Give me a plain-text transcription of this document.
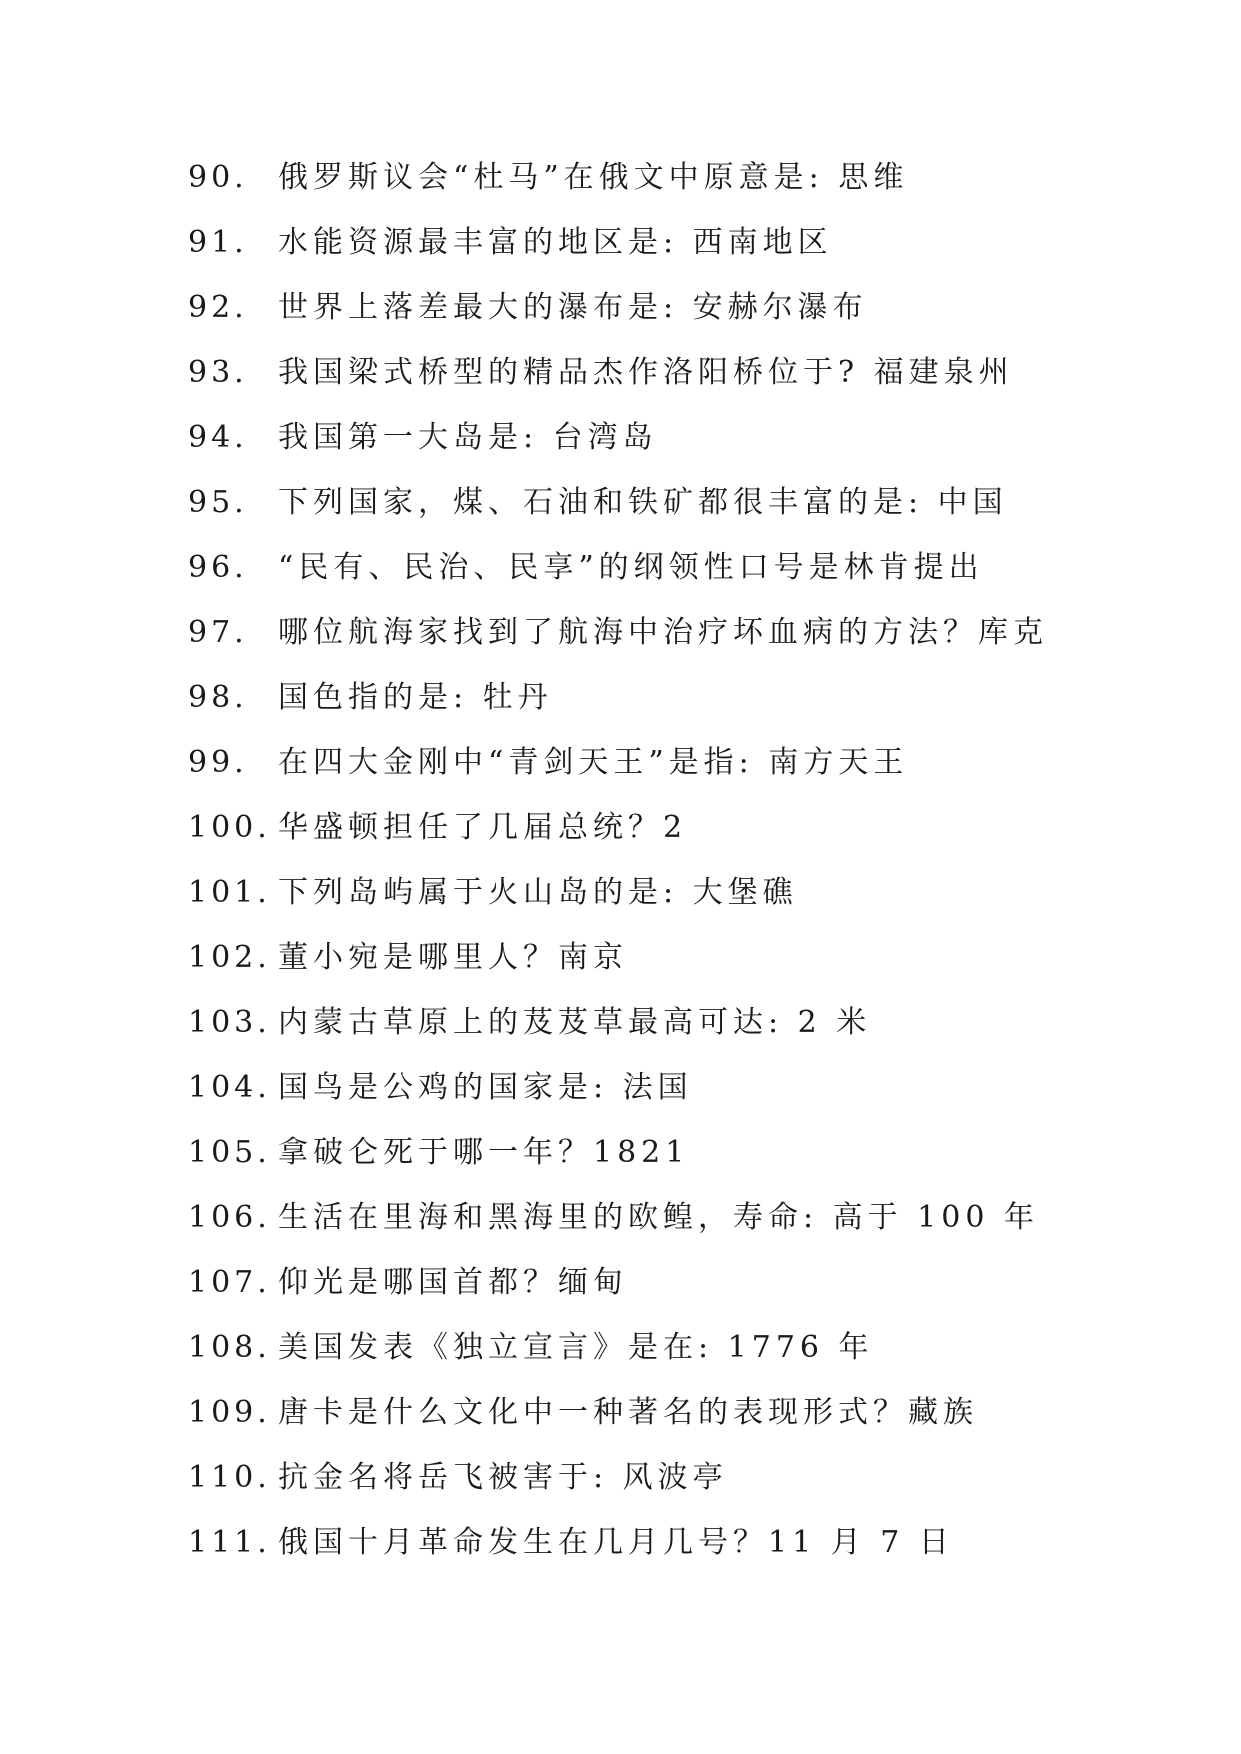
90. 俄罗斯议会“杜马”在俄文中原意是: 思维
91. 水能资源最丰富的地区是: 西南地区
92. 世界上落差最大的瀑布是: 安赫尔瀑布
93. 我国梁式桥型的精品杰作洛阳桥位于? 福建泉州
94. 我国第一大岛是: 台湾岛
95. 下列国家，煤、石油和铁矿都很丰富的是: 中国
96. “民有、民治、民享”的纲领性口号是林肯提出
97. 哪位航海家找到了航海中治疗坏血病的方法？库克
98. 国色指的是: 牡丹
99. 在四大金刚中“青剑天王”是指: 南方天王
100. 华盛顿担任了几届总统？2
101. 下列岛屿属于火山岛的是: 大堡礁
102. 董小宛是哪里人？南京
103. 内蒙古草原上的芨芨草最高可达: 2 米
104. 国鸟是公鸡的国家是: 法国
105. 拿破仑死于哪一年？1821
106. 生活在里海和黑海里的欧鳇，寿命: 高于 100 年
107. 仰光是哪国首都？缅甸
108. 美国发表《独立宣言》是在: 1776 年
109. 唐卡是什么文化中一种著名的表现形式？藏族
110. 抗金名将岳飞被害于: 风波亭
111. 俄国十月革命发生在几月几号？11 月 7 日
